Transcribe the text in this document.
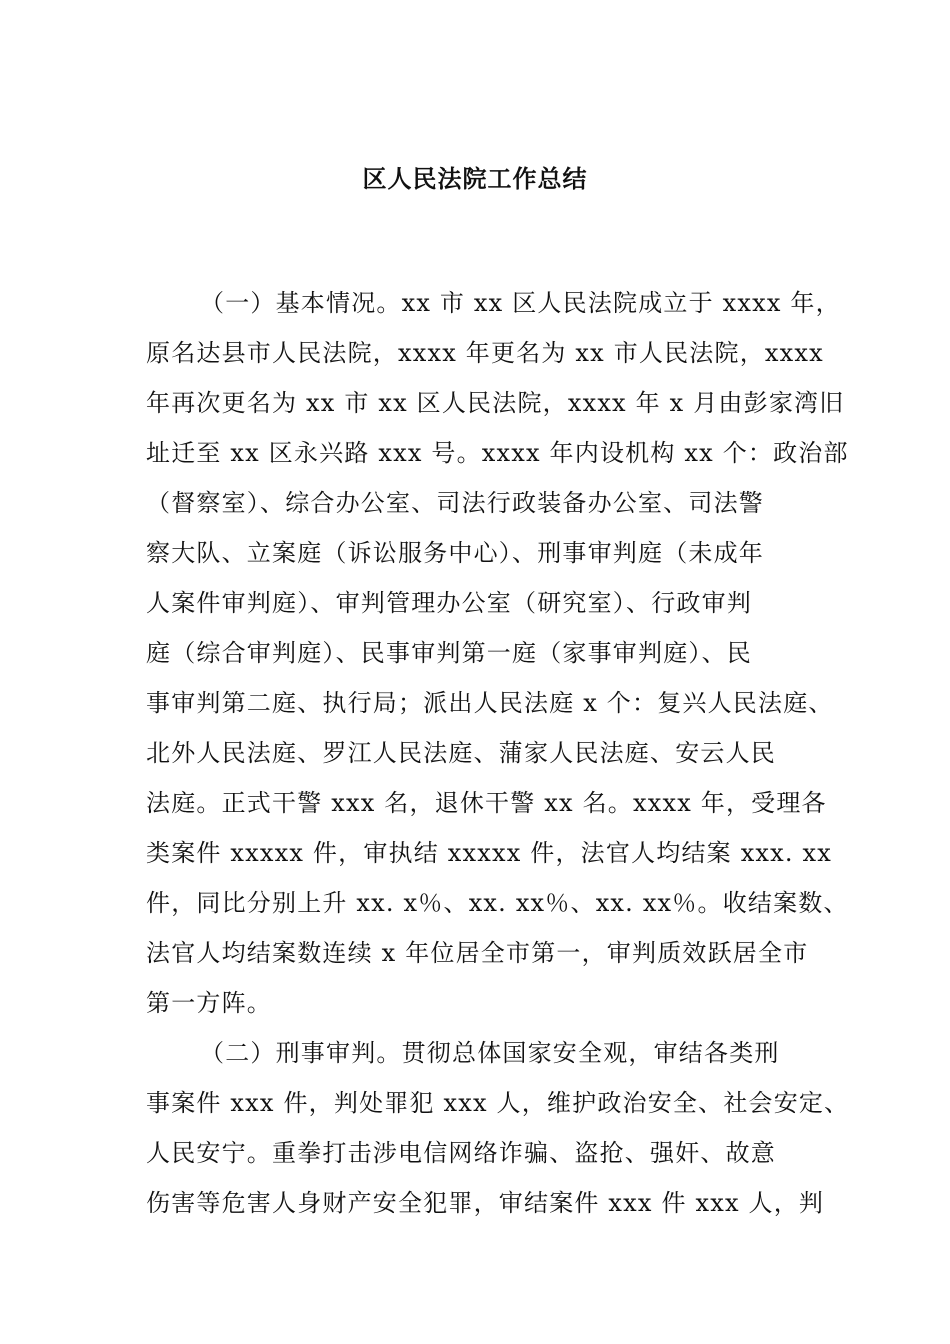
区人民法院工作总结
（一）基本情况。xx 市 xx 区人民法院成立于 xxxx 年，
原名达县市人民法院，xxxx 年更名为 xx 市人民法院，xxxx
年再次更名为 xx 市 xx 区人民法院，xxxx 年 x 月由彭家湾旧
址迁至 xx 区永兴路 xxx 号。xxxx 年内设机构 xx 个：政治部
（督察室）、综合办公室、司法行政装备办公室、司法警
察大队、立案庭（诉讼服务中心）、刑事审判庭（未成年
人案件审判庭）、审判管理办公室（研究室）、行政审判
庭（综合审判庭）、民事审判第一庭（家事审判庭）、民
事审判第二庭、执行局；派出人民法庭 x 个：复兴人民法庭、
北外人民法庭、罗江人民法庭、蒲家人民法庭、安云人民
法庭。正式干警 xxx 名，退休干警 xx 名。xxxx 年，受理各
类案件 xxxxx 件，审执结 xxxxx 件，法官人均结案 xxx. xx
件，同比分别上升 xx. x％、xx. xx％、xx. xx％。收结案数、
法官人均结案数连续 x 年位居全市第一，审判质效跃居全市
第一方阵。
（二）刑事审判。贯彻总体国家安全观，审结各类刑
事案件 xxx 件，判处罪犯 xxx 人，维护政治安全、社会安定、
人民安宁。重拳打击涉电信网络诈骗、盗抢、强奸、故意
伤害等危害人身财产安全犯罪，审结案件 xxx 件 xxx 人，判
